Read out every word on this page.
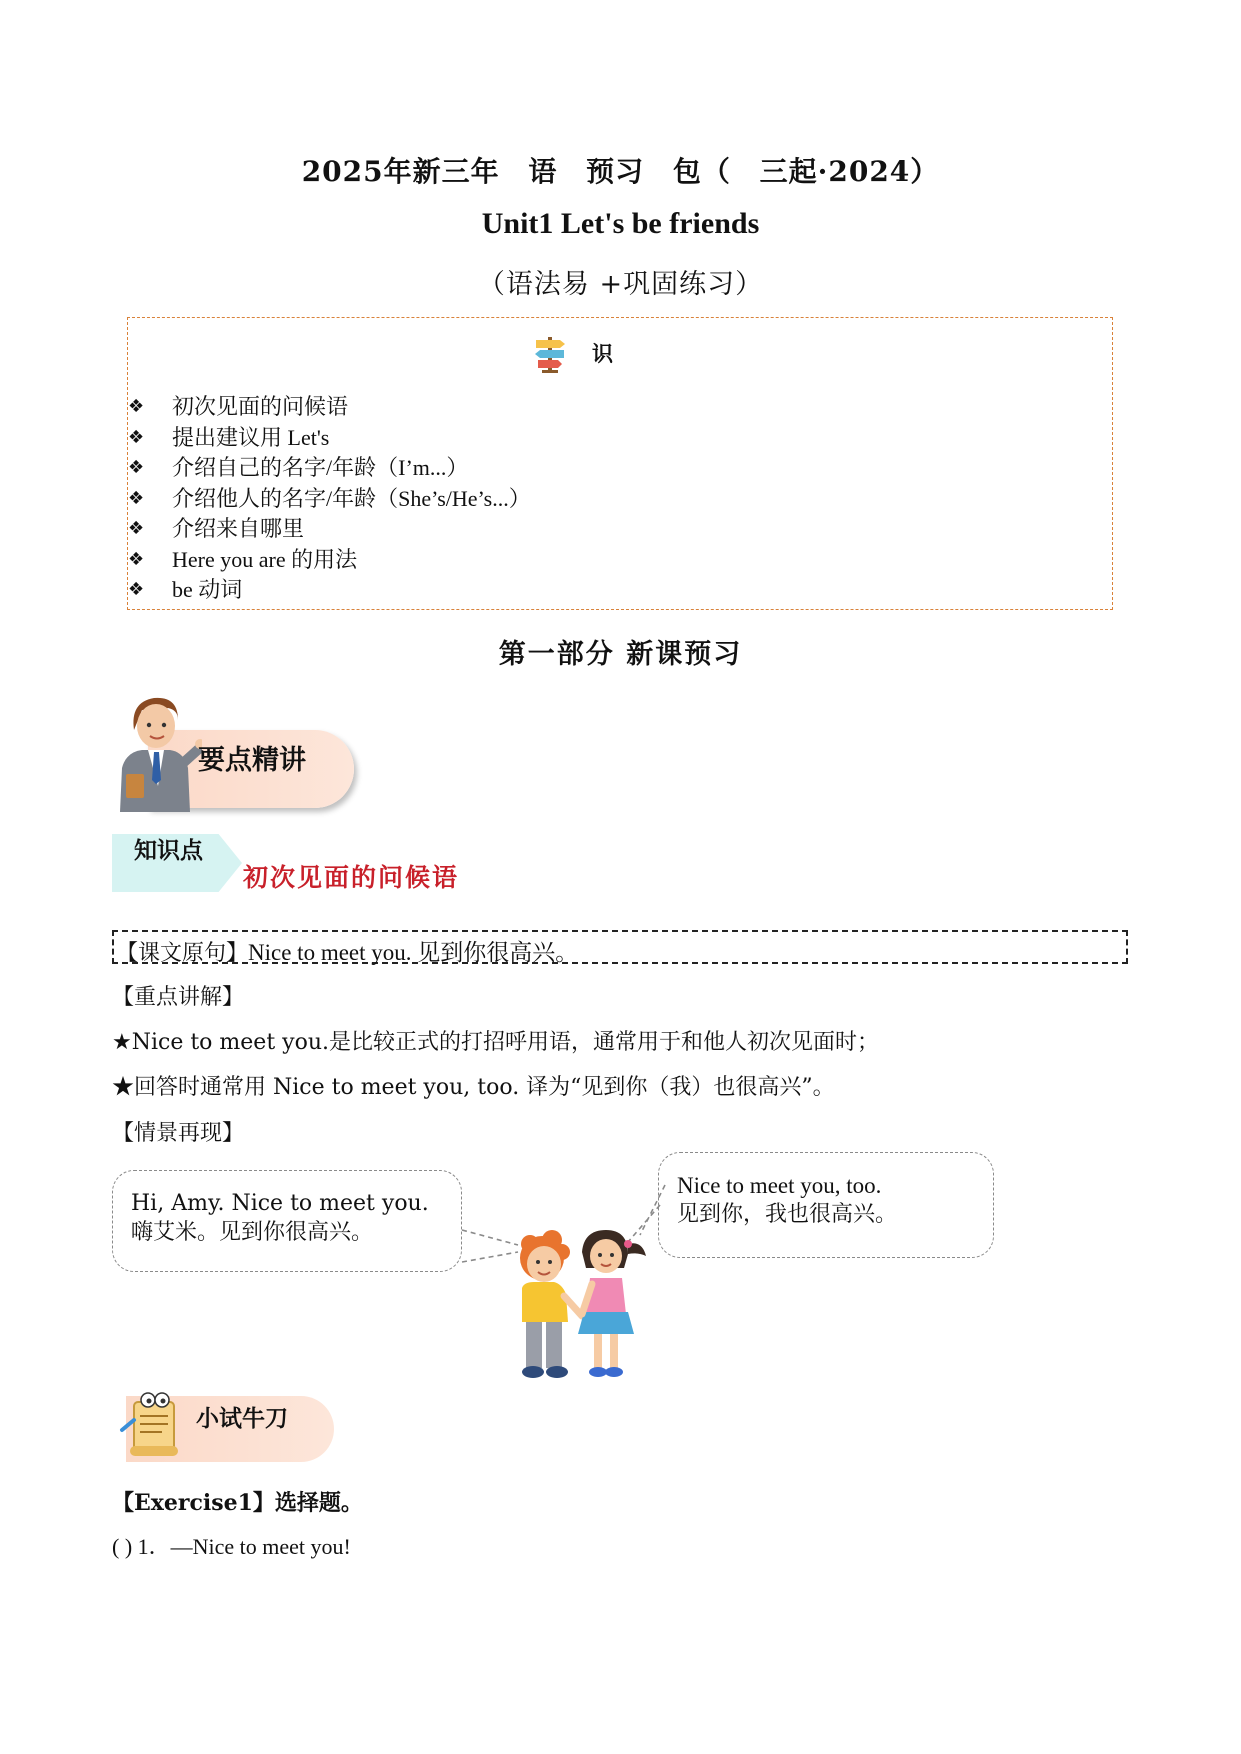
2025年新三年 语 预习 包（ 三起·2024）
Unit1 Let's be friends
（语法易 +巩固练习）
识
❖	初次见面的问候语
❖	提出建议用 Let's
❖	介绍自己的名字/年龄（I’m...）
❖	介绍他人的名字/年龄（She’s/He’s...）
❖	介绍来自哪里
❖	Here you are 的用法
❖	be 动词
第一部分 新课预习
要点精讲
知识点
初次见面的问候语
【课文原句】Nice to meet you. 见到你很高兴。
【重点讲解】
★Nice to meet you.是比较正式的打招呼用语，通常用于和他人初次见面时；
★回答时通常用 Nice to meet you, too. 译为“见到你（我）也很高兴”。
【情景再现】
Hi, Amy. Nice to meet you. 嗨艾米。见到你很高兴。
Nice to meet you, too.
见到你，我也很高兴。
小试牛刀
【Exercise1】选择题。
( ) 1．—Nice to meet you!
